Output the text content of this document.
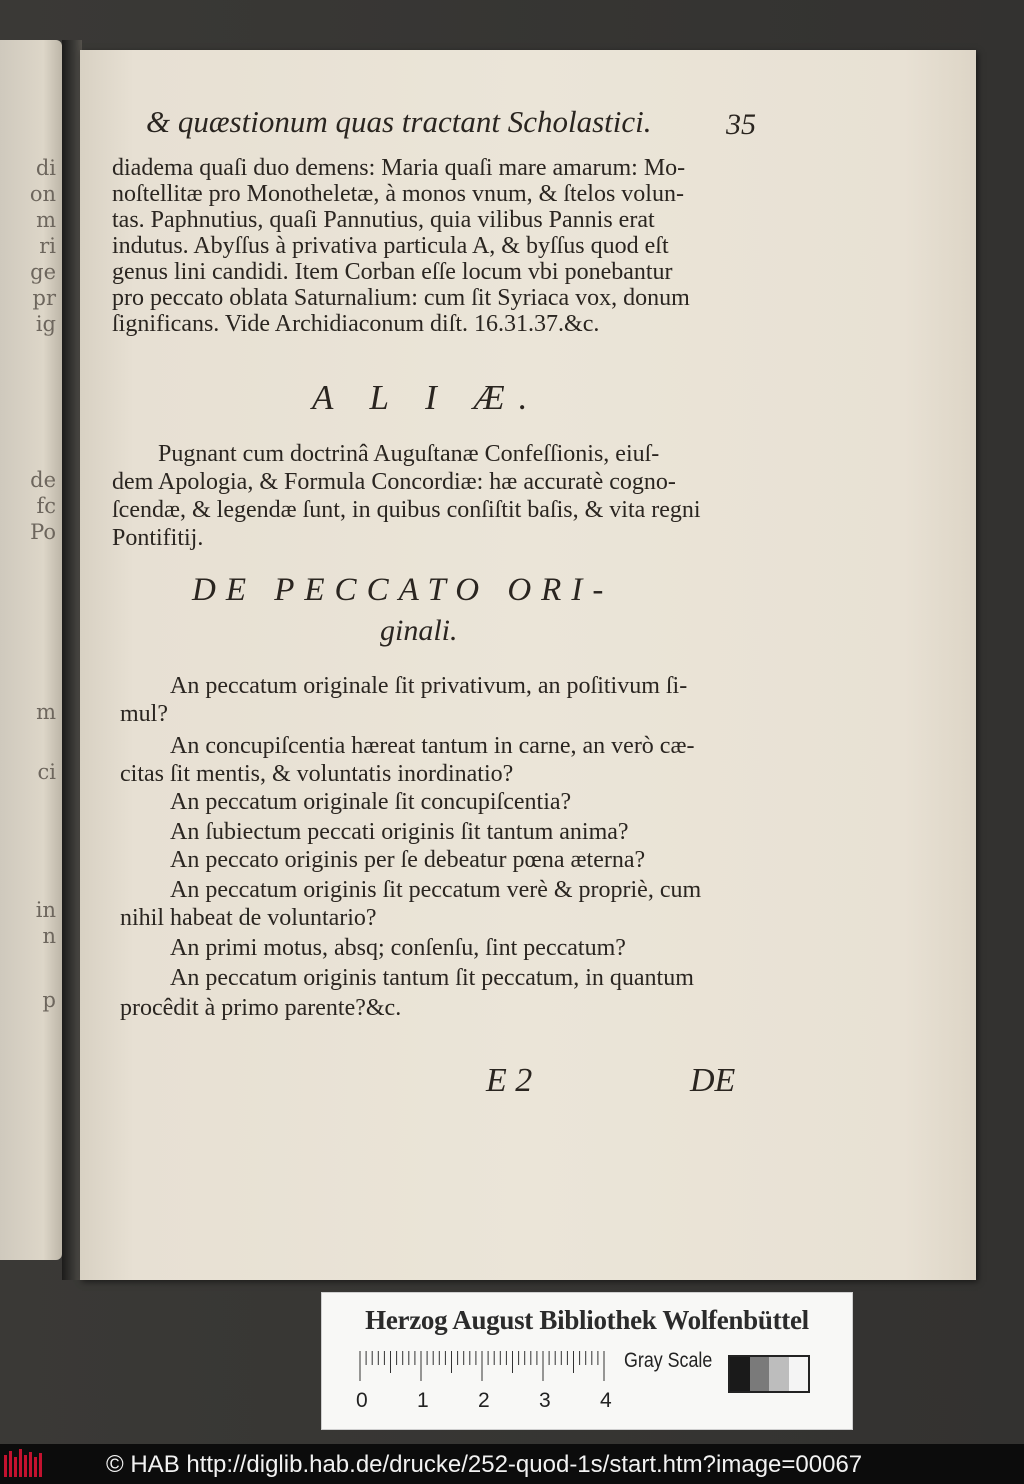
di
on
m
ri
ge
pr
ig
de
fc
Po
m
ci
in
n
p
& quæstionum quas tractant Scholastici. 35
diadema quaſi duo demens: Maria quaſi mare amarum: Mo-
noſtellitæ pro Monotheletæ, à monos vnum, & ſtelos volun-
tas. Paphnutius, quaſi Pannutius, quia vilibus Pannis erat
indutus. Abyſſus à privativa particula A, & byſſus quod eſt
genus lini candidi. Item Corban eſſe locum vbi ponebantur
pro peccato oblata Saturnalium: cum ſit Syriaca vox, donum
ſignificans. Vide Archidiaconum diſt. 16.31.37.&c.
A L I Æ.
Pugnant cum doctrinâ Auguſtanæ Confeſſionis, eiuſ-
dem Apologia, & Formula Concordiæ: hæ accuratè cogno-
ſcendæ, & legendæ ſunt, in quibus conſiſtit baſis, & vita regni
Pontifitij.
DE PECCATO ORI-
ginali.
An peccatum originale ſit privativum, an poſitivum ſi-
mul?
An concupiſcentia hæreat tantum in carne, an verò cæ-
citas ſit mentis, & voluntatis inordinatio?
An peccatum originale ſit concupiſcentia?
An ſubiectum peccati originis ſit tantum anima?
An peccato originis per ſe debeatur pœna æterna?
An peccatum originis ſit peccatum verè & propriè, cum
nihil habeat de voluntario?
An primi motus, absq; conſenſu, ſint peccatum?
An peccatum originis tantum ſit peccatum, in quantum
procêdit à primo parente?&c.
E 2	DE
Herzog August Bibliothek Wolfenbüttel
0 1 2 3 4
Gray Scale
© HAB http://diglib.hab.de/drucke/252-quod-1s/start.htm?image=00067
